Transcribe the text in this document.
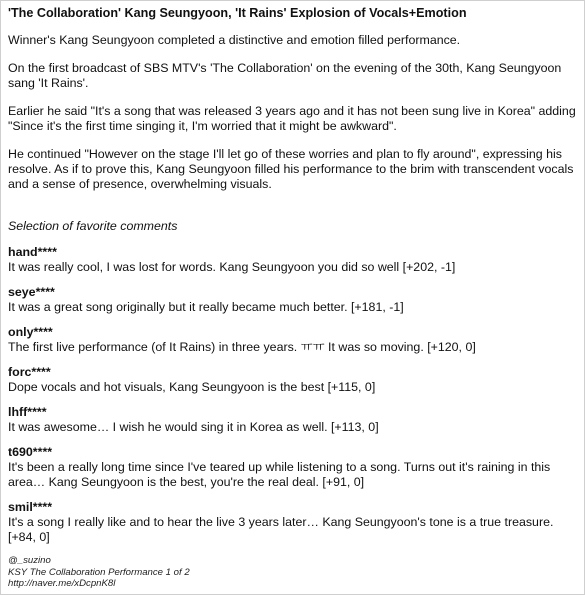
'The Collaboration' Kang Seungyoon, 'It Rains' Explosion of Vocals+Emotion
Winner's Kang Seungyoon completed a distinctive and emotion filled performance.
On the first broadcast of SBS MTV's 'The Collaboration' on the evening of the 30th, Kang Seungyoon sang 'It Rains'.
Earlier he said "It's a song that was released 3 years ago and it has not been sung live in Korea" adding "Since it's the first time singing it, I'm worried that it might be awkward".
He continued "However on the stage I'll let go of these worries and plan to fly around", expressing his resolve. As if to prove this, Kang Seungyoon filled his performance to the brim with transcendent vocals and a sense of presence, overwhelming visuals.
Selection of favorite comments
hand****
It was really cool, I was lost for words. Kang Seungyoon you did so well [+202, -1]
seye****
It was a great song originally but it really became much better. [+181, -1]
only****
The first live performance (of It Rains) in three years. ㅠㅠ It was so moving. [+120, 0]
forc****
Dope vocals and hot visuals, Kang Seungyoon is the best [+115, 0]
lhff****
It was awesome… I wish he would sing it in Korea as well. [+113, 0]
t690****
It's been a really long time since I've teared up while listening to a song. Turns out it's raining in this area… Kang Seungyoon is the best, you're the real deal. [+91, 0]
smil****
It's a song I really like and to hear the live 3 years later… Kang Seungyoon's tone is a true treasure. [+84, 0]
@_suzino
KSY The Collaboration Performance 1 of 2
http://naver.me/xDcpnK8l
